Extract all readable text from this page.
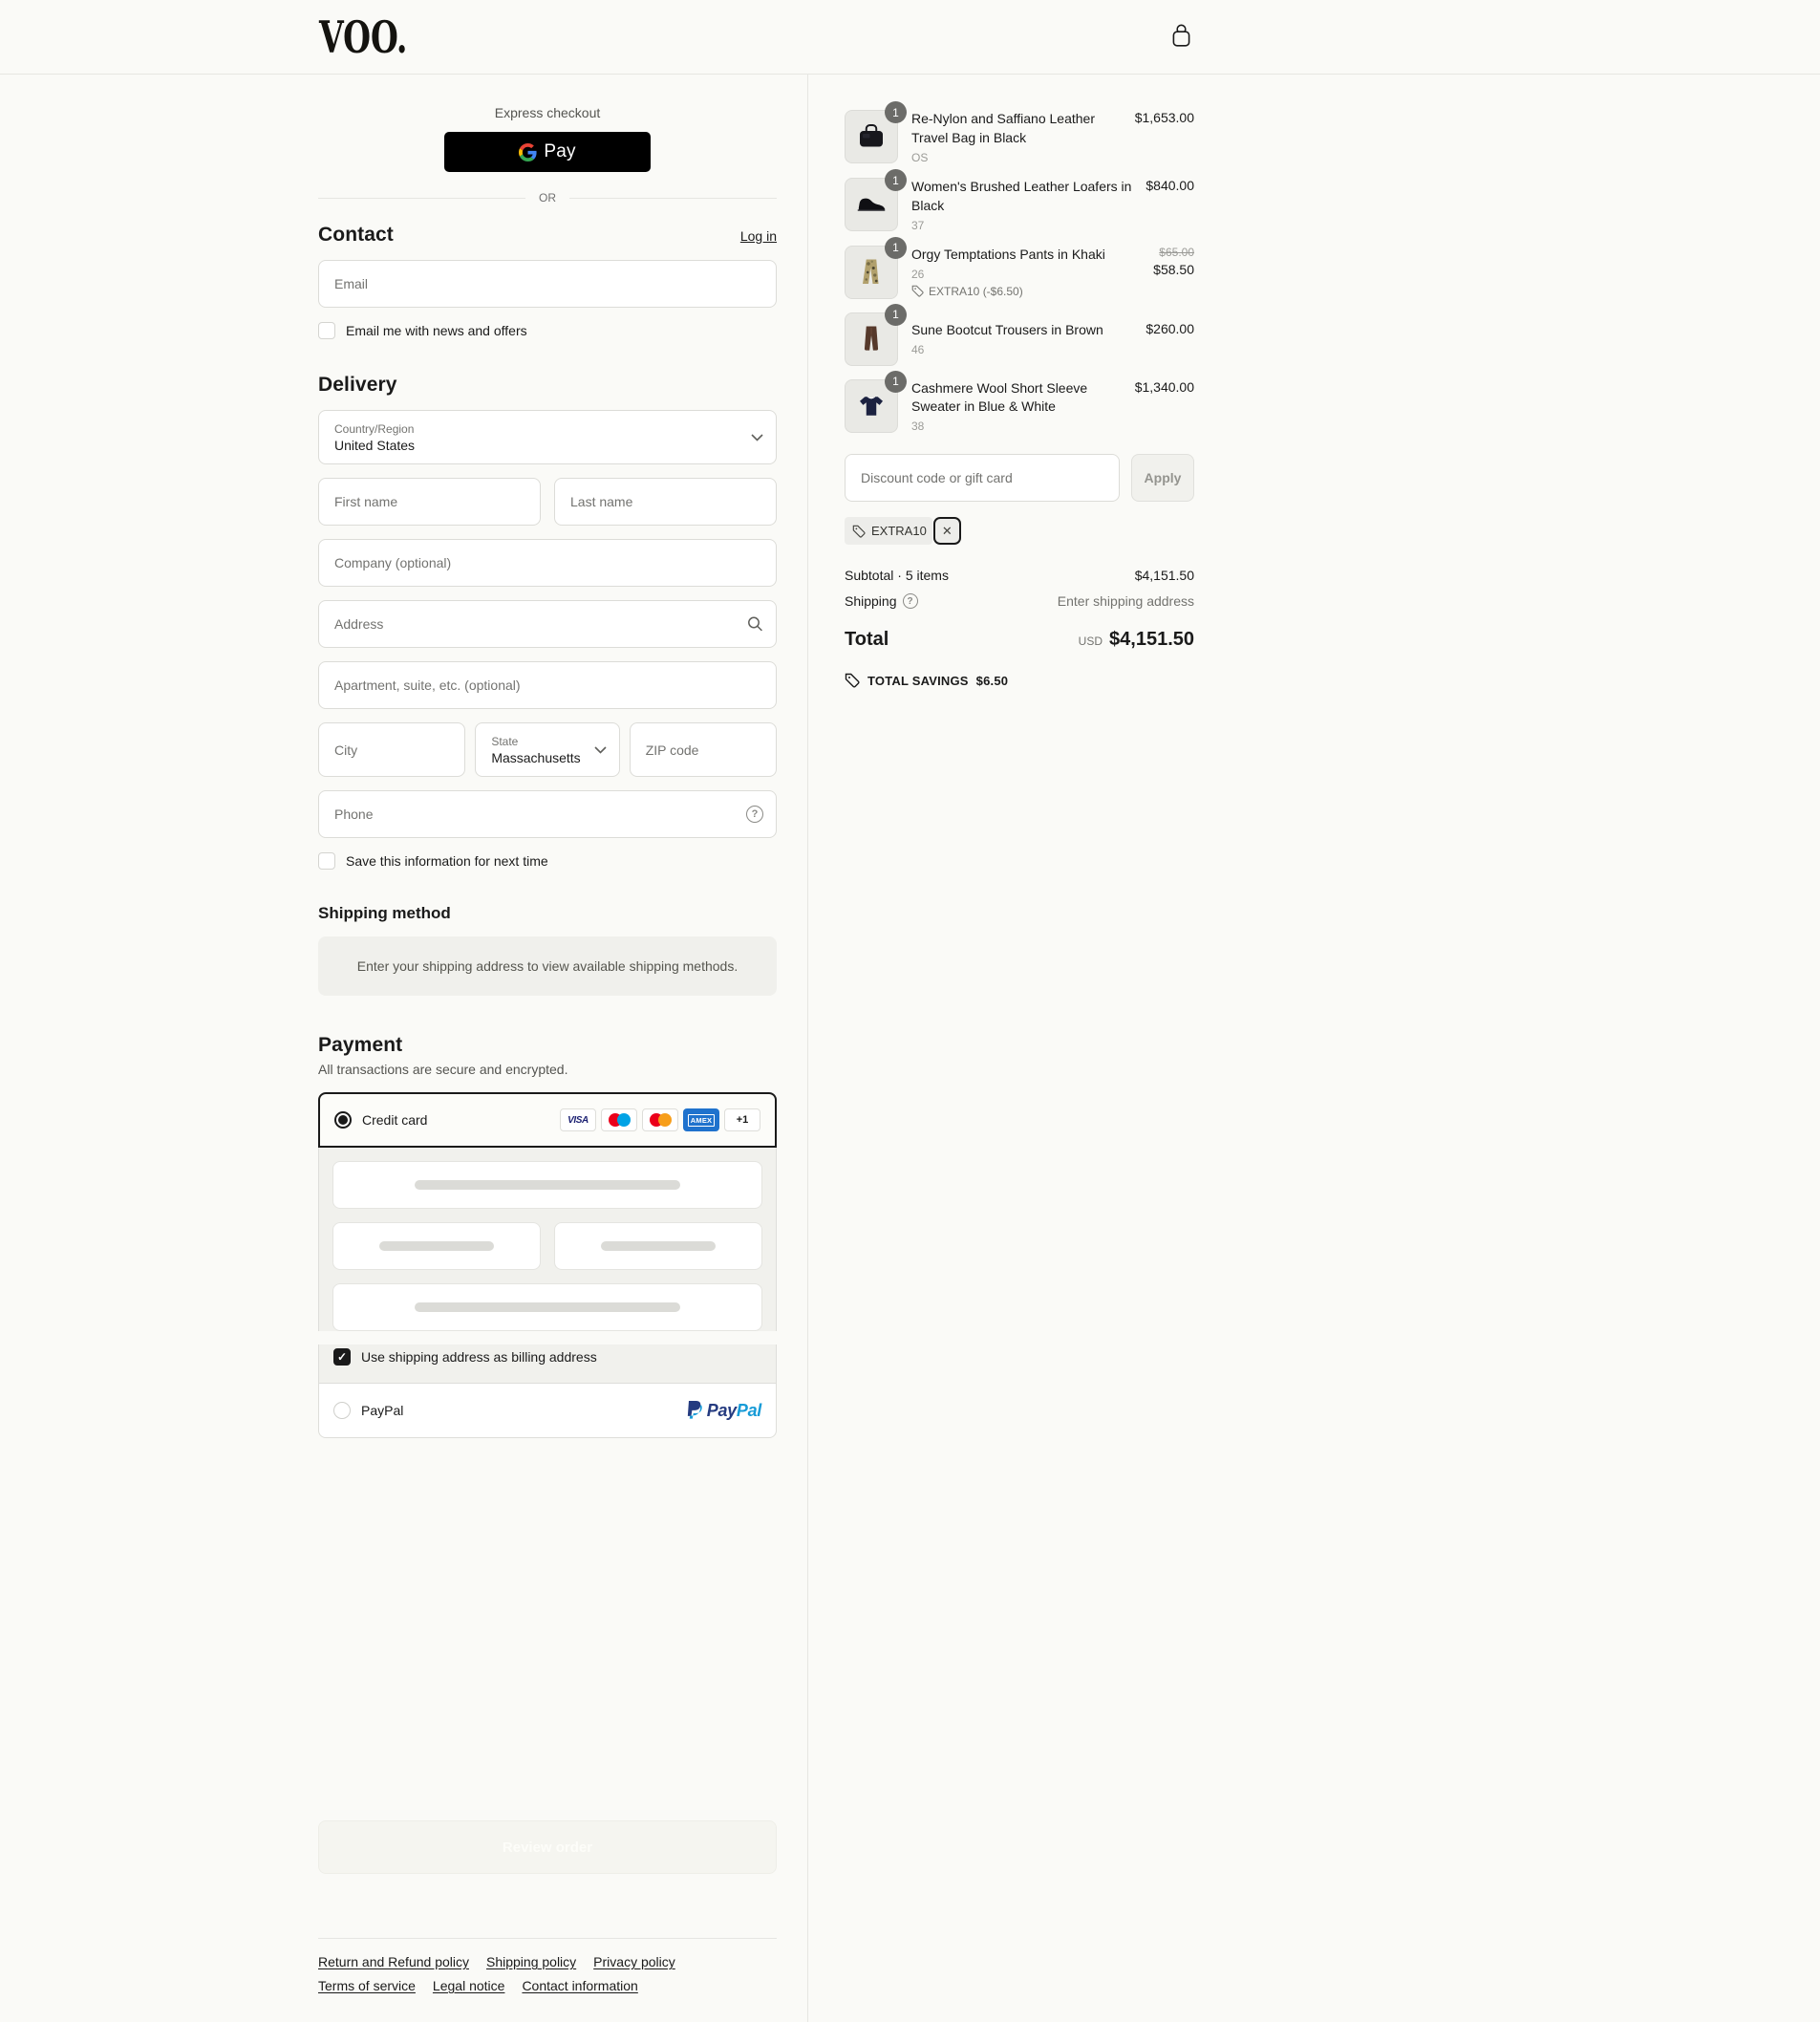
VOO.
Express checkout
Pay
OR
Contact	Log in
Email
Email me with news and offers
Delivery
Country/Region
United States
First name
Last name
Company (optional)
Address
Apartment, suite, etc. (optional)
City
State
Massachusetts
ZIP code
Phone
?
Save this information for next time
Shipping method
Enter your shipping address to view available shipping methods.
Payment
All transactions are secure and encrypted.
Credit card	VISA	AMEX +1
✓ Use shipping address as billing address
PayPal	PayPal
Review order
Return and Refund policy Shipping policy Privacy policy
Terms of service Legal notice Contact information
1 Re-Nylon and Saffiano Leather Travel Bag in Black
OS
$1,653.00
1 Women's Brushed Leather Loafers in Black
37
$840.00
1 Orgy Temptations Pants in Khaki
26
EXTRA10 (-$6.50)
$65.00
$58.50
1
Sune Bootcut Trousers in Brown
46
$260.00
1 Cashmere Wool Short Sleeve Sweater in Blue & White
38
$1,340.00
Discount code or gift card
Apply
EXTRA10 ✕
Subtotal · 5 items	$4,151.50
Shipping	?	Enter shipping address
Total	USD $4,151.50
TOTAL SAVINGS $6.50
